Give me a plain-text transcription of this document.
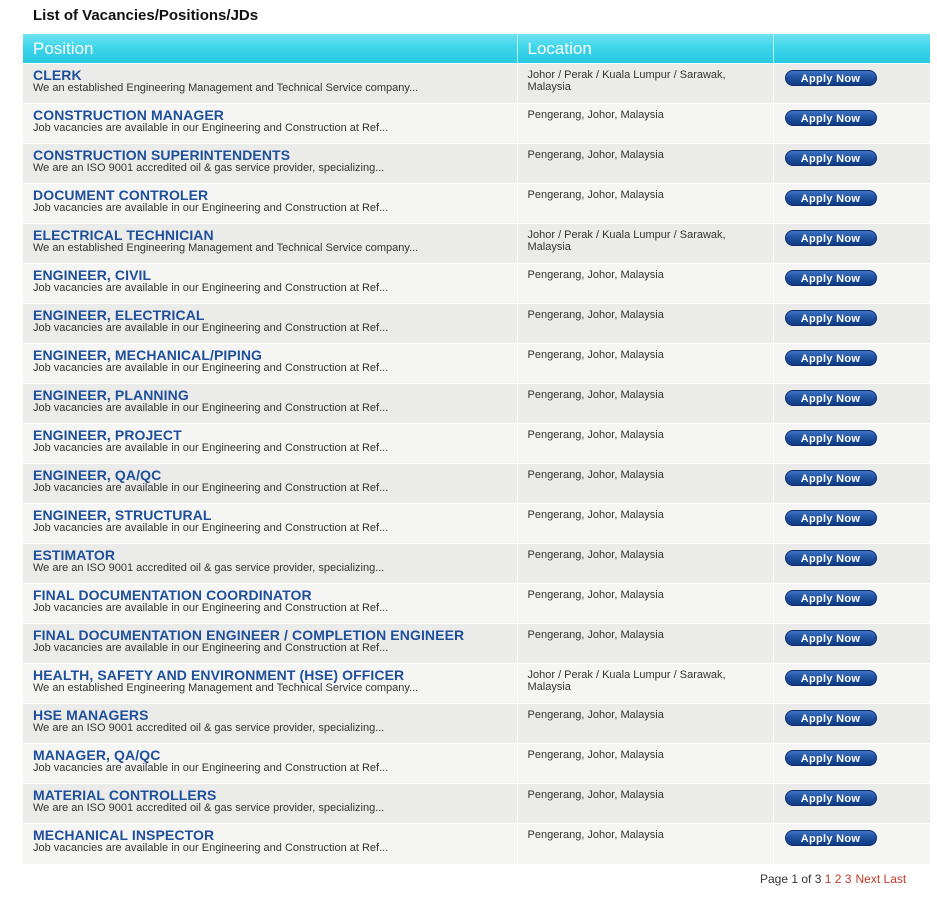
List of Vacancies/Positions/JDs
Position	Location	

CLERK
We an established Engineering Management and Technical Service company...	Johor / Perak / Kuala Lumpur / Sarawak, Malaysia	Apply Now

CONSTRUCTION MANAGER
Job vacancies are available in our Engineering and Construction at Ref...	Pengerang, Johor, Malaysia	Apply Now

CONSTRUCTION SUPERINTENDENTS
We are an ISO 9001 accredited oil & gas service provider, specializing...	Pengerang, Johor, Malaysia	Apply Now

DOCUMENT CONTROLER
Job vacancies are available in our Engineering and Construction at Ref...	Pengerang, Johor, Malaysia	Apply Now

ELECTRICAL TECHNICIAN
We an established Engineering Management and Technical Service company...	Johor / Perak / Kuala Lumpur / Sarawak, Malaysia	Apply Now

ENGINEER, CIVIL
Job vacancies are available in our Engineering and Construction at Ref...	Pengerang, Johor, Malaysia	Apply Now

ENGINEER, ELECTRICAL
Job vacancies are available in our Engineering and Construction at Ref...	Pengerang, Johor, Malaysia	Apply Now

ENGINEER, MECHANICAL/PIPING
Job vacancies are available in our Engineering and Construction at Ref...	Pengerang, Johor, Malaysia	Apply Now

ENGINEER, PLANNING
Job vacancies are available in our Engineering and Construction at Ref...	Pengerang, Johor, Malaysia	Apply Now

ENGINEER, PROJECT
Job vacancies are available in our Engineering and Construction at Ref...	Pengerang, Johor, Malaysia	Apply Now

ENGINEER, QA/QC
Job vacancies are available in our Engineering and Construction at Ref...	Pengerang, Johor, Malaysia	Apply Now

ENGINEER, STRUCTURAL
Job vacancies are available in our Engineering and Construction at Ref...	Pengerang, Johor, Malaysia	Apply Now

ESTIMATOR
We are an ISO 9001 accredited oil & gas service provider, specializing...	Pengerang, Johor, Malaysia	Apply Now

FINAL DOCUMENTATION COORDINATOR
Job vacancies are available in our Engineering and Construction at Ref...	Pengerang, Johor, Malaysia	Apply Now

FINAL DOCUMENTATION ENGINEER / COMPLETION ENGINEER
Job vacancies are available in our Engineering and Construction at Ref...	Pengerang, Johor, Malaysia	Apply Now

HEALTH, SAFETY AND ENVIRONMENT (HSE) OFFICER
We an established Engineering Management and Technical Service company...	Johor / Perak / Kuala Lumpur / Sarawak, Malaysia	Apply Now

HSE MANAGERS
We are an ISO 9001 accredited oil & gas service provider, specializing...	Pengerang, Johor, Malaysia	Apply Now

MANAGER, QA/QC
Job vacancies are available in our Engineering and Construction at Ref...	Pengerang, Johor, Malaysia	Apply Now

MATERIAL CONTROLLERS
We are an ISO 9001 accredited oil & gas service provider, specializing...	Pengerang, Johor, Malaysia	Apply Now

MECHANICAL INSPECTOR
Job vacancies are available in our Engineering and Construction at Ref...	Pengerang, Johor, Malaysia	Apply Now
Page 1 of 3 1 2 3 Next Last
